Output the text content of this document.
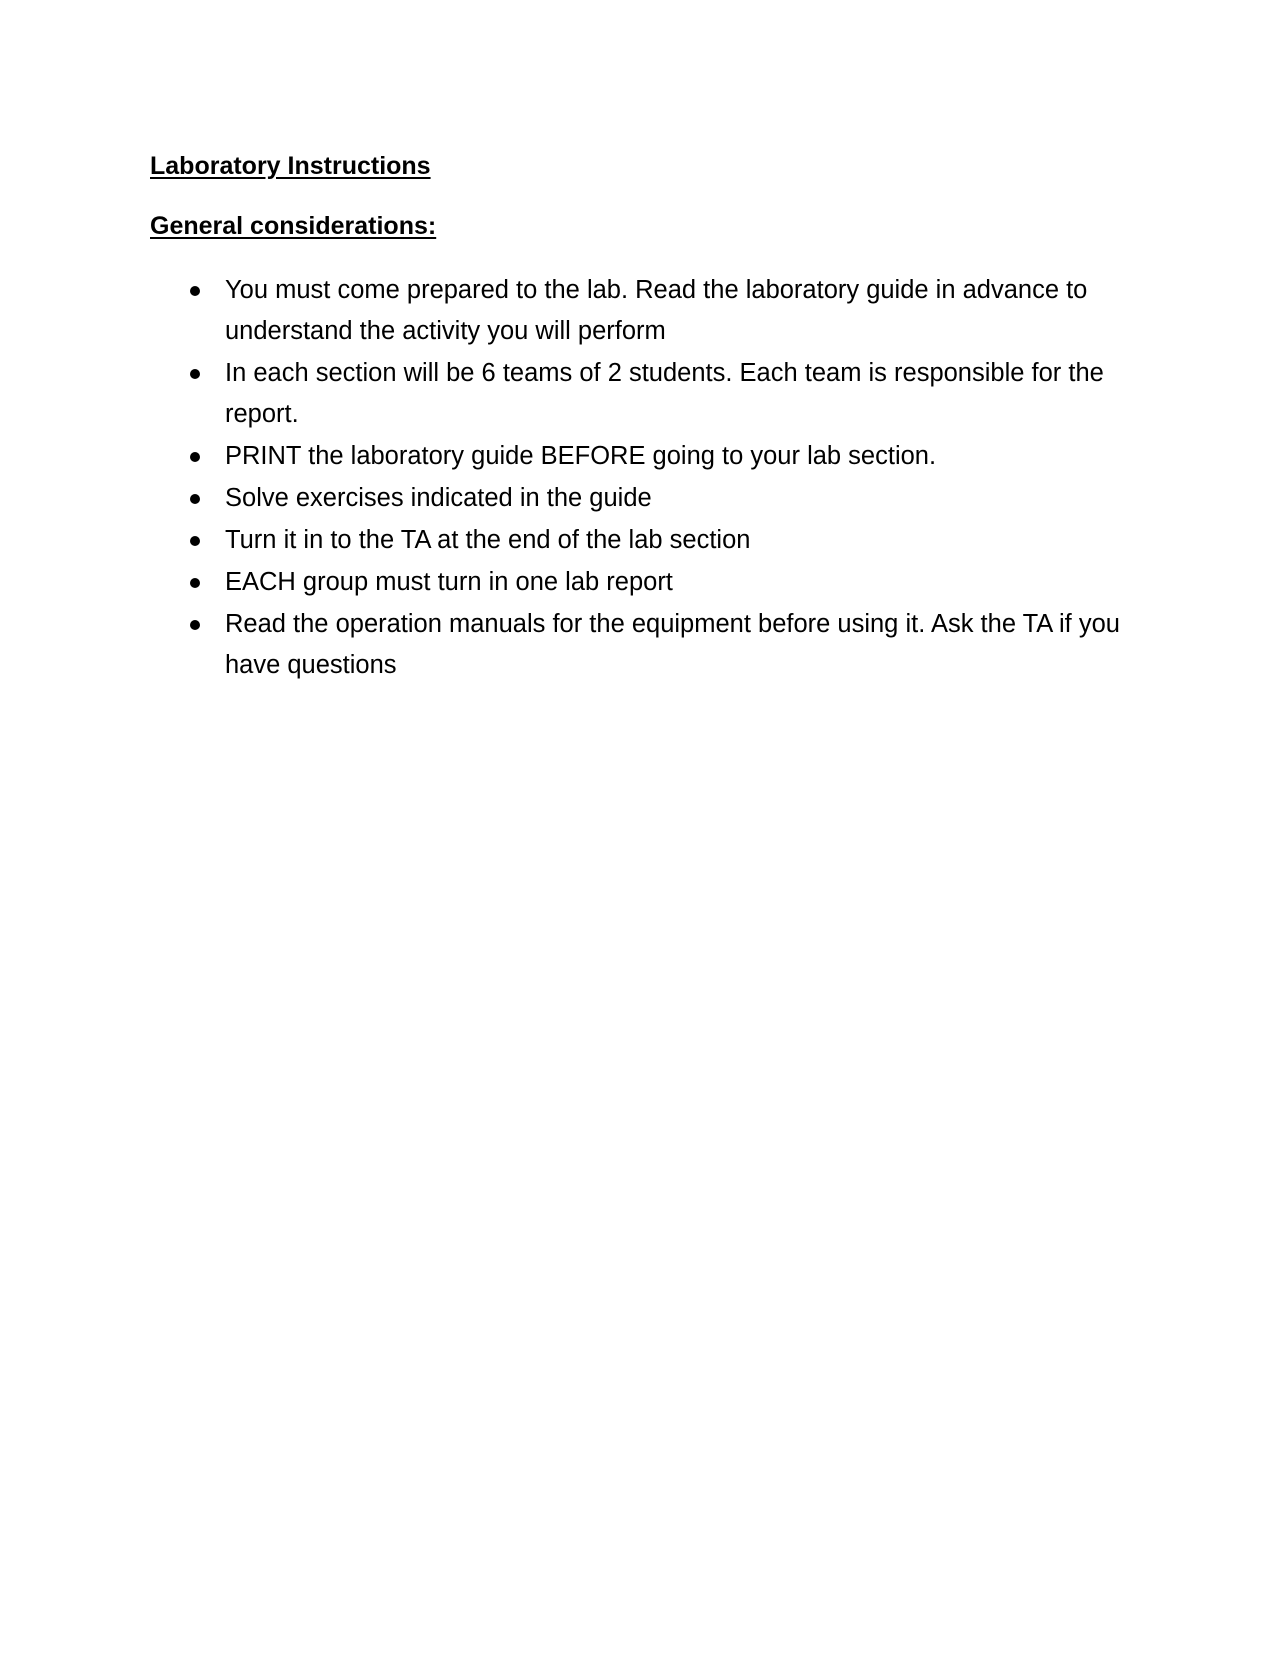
Laboratory Instructions
General considerations:
You must come prepared to the lab. Read the laboratory guide in advance to understand the activity you will perform
In each section will be 6 teams of 2 students. Each team is responsible for the report.
PRINT the laboratory guide BEFORE going to your lab section.
Solve exercises indicated in the guide
Turn it in to the TA at the end of the lab section
EACH group must turn in one lab report
Read the operation manuals for the equipment before using it. Ask the TA if you have questions
